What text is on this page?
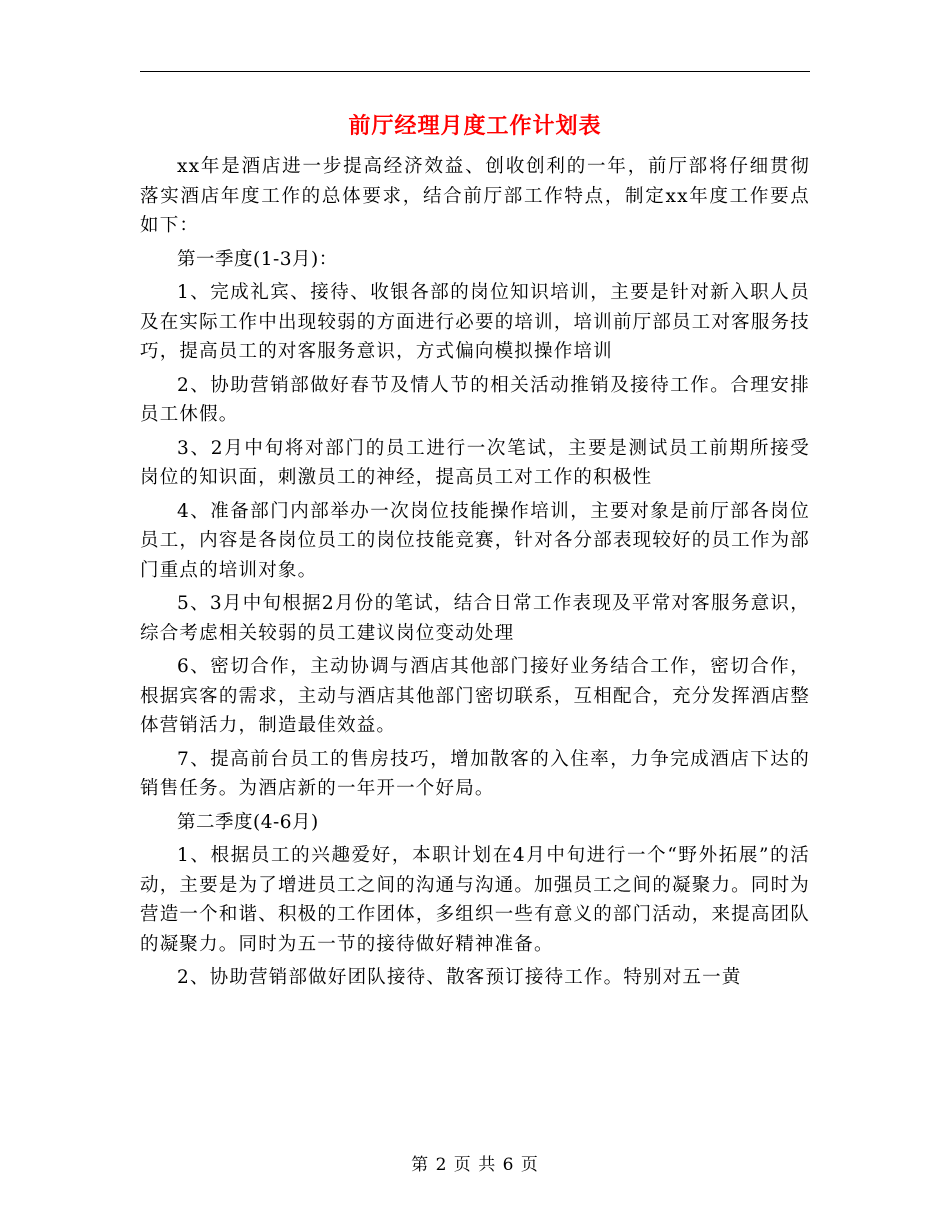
前厅经理月度工作计划表

xx年是酒店进一步提高经济效益、创收创利的一年，前厅部将仔细贯彻落实酒店年度工作的总体要求，结合前厅部工作特点，制定xx年度工作要点如下：

第一季度(1-3月)：

1、完成礼宾、接待、收银各部的岗位知识培训，主要是针对新入职人员及在实际工作中出现较弱的方面进行必要的培训，培训前厅部员工对客服务技巧，提高员工的对客服务意识，方式偏向模拟操作培训

2、协助营销部做好春节及情人节的相关活动推销及接待工作。合理安排员工休假。

3、2月中旬将对部门的员工进行一次笔试，主要是测试员工前期所接受岗位的知识面，刺激员工的神经，提高员工对工作的积极性

4、准备部门内部举办一次岗位技能操作培训，主要对象是前厅部各岗位员工，内容是各岗位员工的岗位技能竞赛，针对各分部表现较好的员工作为部门重点的培训对象。

5、3月中旬根据2月份的笔试，结合日常工作表现及平常对客服务意识，综合考虑相关较弱的员工建议岗位变动处理

6、密切合作，主动协调与酒店其他部门接好业务结合工作，密切合作，根据宾客的需求，主动与酒店其他部门密切联系，互相配合，充分发挥酒店整体营销活力，制造最佳效益。

7、提高前台员工的售房技巧，增加散客的入住率，力争完成酒店下达的销售任务。为酒店新的一年开一个好局。

第二季度(4-6月)

1、根据员工的兴趣爱好，本职计划在4月中旬进行一个“野外拓展”的活动，主要是为了增进员工之间的沟通与沟通。加强员工之间的凝聚力。同时为营造一个和谐、积极的工作团体，多组织一些有意义的部门活动，来提高团队的凝聚力。同时为五一节的接待做好精神准备。

2、协助营销部做好团队接待、散客预订接待工作。特别对五一黄

第 2 页 共 6 页
